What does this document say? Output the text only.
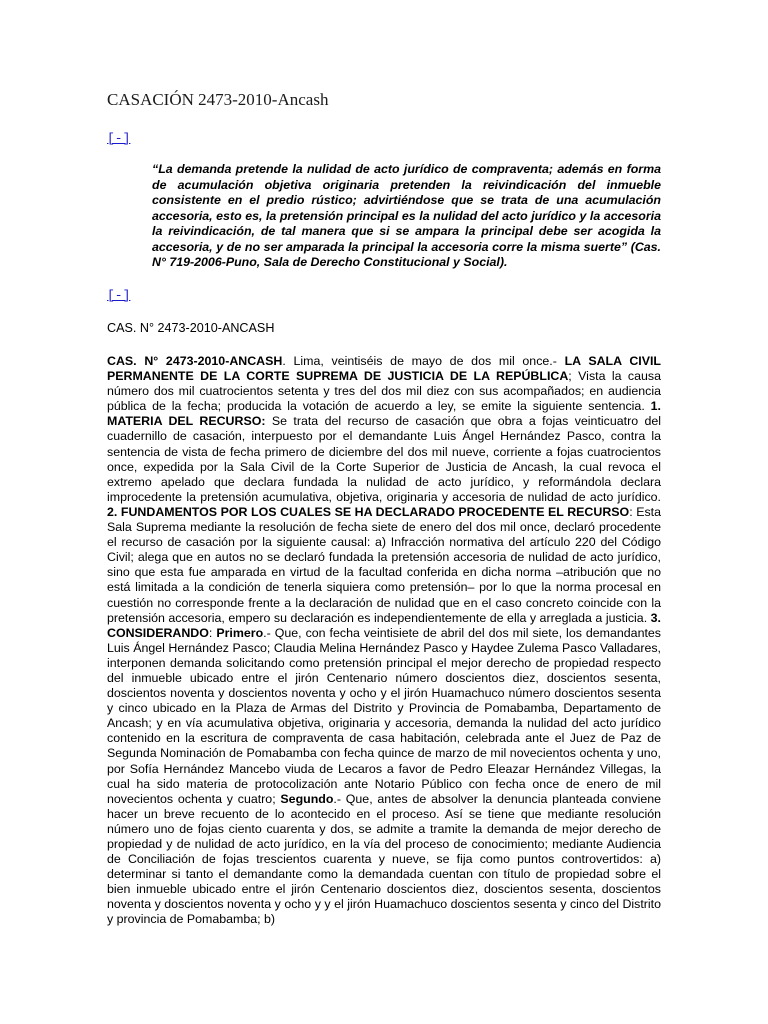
CASACIÓN 2473-2010-Ancash
[-]

“La demanda pretende la nulidad de acto jurídico de compraventa; además en forma de acumulación objetiva originaria pretenden la reivindicación del inmueble consistente en el predio rústico; advirtiéndose que se trata de una acumulación accesoria, esto es, la pretensión principal es la nulidad del acto jurídico y la accesoria la reivindicación, de tal manera que si se ampara la principal debe ser acogida la accesoria, y de no ser amparada la principal la accesoria corre la misma suerte” (Cas. N° 719-2006-Puno, Sala de Derecho Constitucional y Social).

[-]

CAS. N° 2473-2010-ANCASH

CAS. N° 2473-2010-ANCASH. Lima, veintiséis de mayo de dos mil once.- LA SALA CIVIL PERMANENTE DE LA CORTE SUPREMA DE JUSTICIA DE LA REPÚBLICA; Vista la causa número dos mil cuatrocientos setenta y tres del dos mil diez con sus acompañados; en audiencia pública de la fecha; producida la votación de acuerdo a ley, se emite la siguiente sentencia. 1. MATERIA DEL RECURSO: Se trata del recurso de casación que obra a fojas veinticuatro del cuadernillo de casación, interpuesto por el demandante Luis Ángel Hernández Pasco, contra la sentencia de vista de fecha primero de diciembre del dos mil nueve, corriente a fojas cuatrocientos once, expedida por la Sala Civil de la Corte Superior de Justicia de Ancash, la cual revoca el extremo apelado que declara fundada la nulidad de acto jurídico, y reformándola declara improcedente la pretensión acumulativa, objetiva, originaria y accesoria de nulidad de acto jurídico. 2. FUNDAMENTOS POR LOS CUALES SE HA DECLARADO PROCEDENTE EL RECURSO: Esta Sala Suprema mediante la resolución de fecha siete de enero del dos mil once, declaró procedente el recurso de casación por la siguiente causal: a) Infracción normativa del artículo 220 del Código Civil; alega que en autos no se declaró fundada la pretensión accesoria de nulidad de acto jurídico, sino que esta fue amparada en virtud de la facultad conferida en dicha norma –atribución que no está limitada a la condición de tenerla siquiera como pretensión– por lo que la norma procesal en cuestión no corresponde frente a la declaración de nulidad que en el caso concreto coincide con la pretensión accesoria, empero su declaración es independientemente de ella y arreglada a justicia. 3. CONSIDERANDO: Primero.- Que, con fecha veintisiete de abril del dos mil siete, los demandantes Luis Ángel Hernández Pasco; Claudia Melina Hernández Pasco y Haydee Zulema Pasco Valladares, interponen demanda solicitando como pretensión principal el mejor derecho de propiedad respecto del inmueble ubicado entre el jirón Centenario número doscientos diez, doscientos sesenta, doscientos noventa y doscientos noventa y ocho y el jirón Huamachuco número doscientos sesenta y cinco ubicado en la Plaza de Armas del Distrito y Provincia de Pomabamba, Departamento de Ancash; y en vía acumulativa objetiva, originaria y accesoria, demanda la nulidad del acto jurídico contenido en la escritura de compraventa de casa habitación, celebrada ante el Juez de Paz de Segunda Nominación de Pomabamba con fecha quince de marzo de mil novecientos ochenta y uno, por Sofía Hernández Mancebo viuda de Lecaros a favor de Pedro Eleazar Hernández Villegas, la cual ha sido materia de protocolización ante Notario Público con fecha once de enero de mil novecientos ochenta y cuatro; Segundo.- Que, antes de absolver la denuncia planteada conviene hacer un breve recuento de lo acontecido en el proceso. Así se tiene que mediante resolución número uno de fojas ciento cuarenta y dos, se admite a tramite la demanda de mejor derecho de propiedad y de nulidad de acto jurídico, en la vía del proceso de conocimiento; mediante Audiencia de Conciliación de fojas trescientos cuarenta y nueve, se fija como puntos controvertidos: a) determinar si tanto el demandante como la demandada cuentan con título de propiedad sobre el bien inmueble ubicado entre el jirón Centenario doscientos diez, doscientos sesenta, doscientos noventa y doscientos noventa y ocho y y el jirón Huamachuco doscientos sesenta y cinco del Distrito y provincia de Pomabamba; b)
